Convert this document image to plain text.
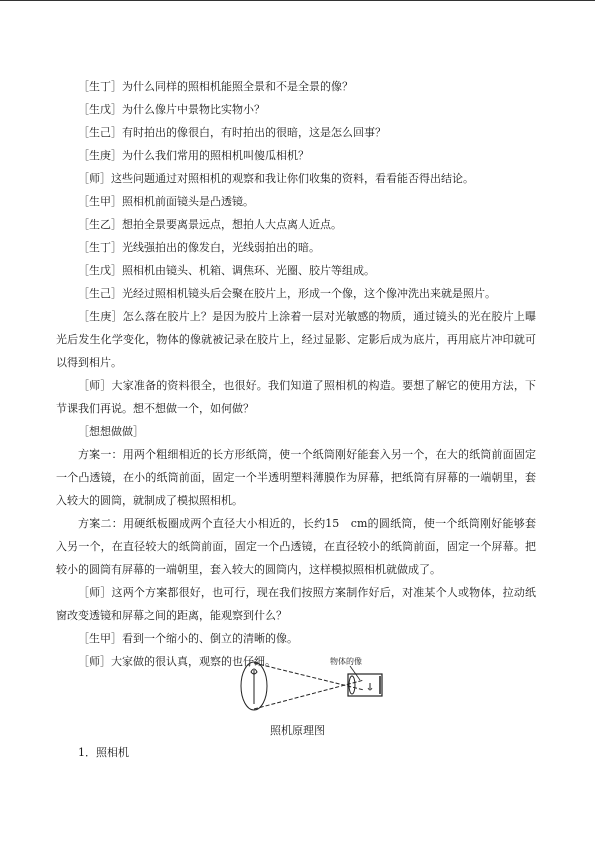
［生丁］为什么同样的照相机能照全景和不是全景的像？

［生戊］为什么像片中景物比实物小？

［生己］有时拍出的像很白，有时拍出的很暗，这是怎么回事？

［生庚］为什么我们常用的照相机叫傻瓜相机？

［师］这些问题通过对照相机的观察和我让你们收集的资料，看看能否得出结论。

［生甲］照相机前面镜头是凸透镜。

［生乙］想拍全景要离景远点，想拍人大点离人近点。

［生丁］光线强拍出的像发白，光线弱拍出的暗。

［生戊］照相机由镜头、机箱、调焦环、光圈、胶片等组成。

［生己］光经过照相机镜头后会聚在胶片上，形成一个像，这个像冲洗出来就是照片。

［生庚］怎么落在胶片上？是因为胶片上涂着一层对光敏感的物质，通过镜头的光在胶片上曝光后发生化学变化，物体的像就被记录在胶片上，经过显影、定影后成为底片，再用底片冲印就可以得到相片。

［师］大家准备的资料很全，也很好。我们知道了照相机的构造。要想了解它的使用方法，下节课我们再说。想不想做一个，如何做？

［想想做做］

方案一：用两个粗细相近的长方形纸筒，使一个纸筒刚好能套入另一个，在大的纸筒前面固定一个凸透镜，在小的纸筒前面，固定一个半透明塑料薄膜作为屏幕，把纸筒有屏幕的一端朝里，套入较大的圆筒，就制成了模拟照相机。

方案二：用硬纸板圈成两个直径大小相近的，长约15　cm的圆纸筒，使一个纸筒刚好能够套入另一个，在直径较大的纸筒前面，固定一个凸透镜，在直径较小的纸筒前面，固定一个屏幕。把较小的圆筒有屏幕的一端朝里，套入较大的圆筒内，这样模拟照相机就做成了。

［师］这两个方案都很好，也可行，现在我们按照方案制作好后，对准某个人或物体，拉动纸窗改变透镜和屏幕之间的距离，能观察到什么？

［生甲］看到一个缩小的、倒立的清晰的像。

［师］大家做的很认真，观察的也仔细。	物体的像
照机原理图
1．照相机
